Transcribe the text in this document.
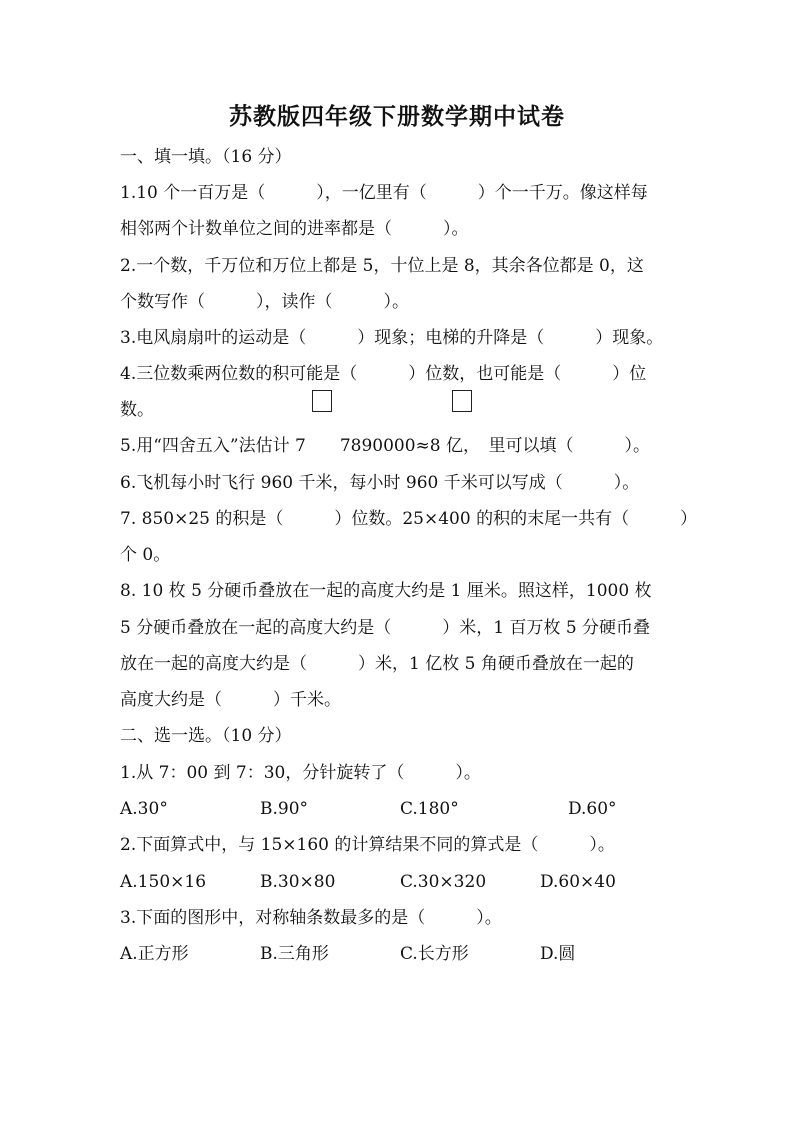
苏教版四年级下册数学期中试卷
一、填一填。（16 分）
1.10 个一百万是（　　　），一亿里有（　　　）个一千万。像这样每
相邻两个计数单位之间的进率都是（　　　）。
2.一个数，千万位和万位上都是 5，十位上是 8，其余各位都是 0，这
个数写作（　　　），读作（　　　）。
3.电风扇扇叶的运动是（　　　）现象；电梯的升降是（　　　）现象。
4.三位数乘两位数的积可能是（　　　）位数，也可能是（　　　）位
数。
5.用“四舍五入”法估计 7　　7890000≈8 亿，　里可以填（　　　）。
6.飞机每小时飞行 960 千米，每小时 960 千米可以写成（　　　）。
7. 850×25 的积是（　　　）位数。25×400 的积的末尾一共有（　　　）
个 0。
8. 10 枚 5 分硬币叠放在一起的高度大约是 1 厘米。照这样，1000 枚
5 分硬币叠放在一起的高度大约是（　　　）米，1 百万枚 5 分硬币叠
放在一起的高度大约是（　　　）米，1 亿枚 5 角硬币叠放在一起的
高度大约是（　　　）千米。
二、选一选。（10 分）
1.从 7：00 到 7：30，分针旋转了（　　　）。
A.30°	B.90°	C.180°	D.60°
2.下面算式中，与 15×160 的计算结果不同的算式是（　　　）。
A.150×16	B.30×80	C.30×320	D.60×40
3.下面的图形中，对称轴条数最多的是（　　　）。
A.正方形	B.三角形	C.长方形	D.圆
